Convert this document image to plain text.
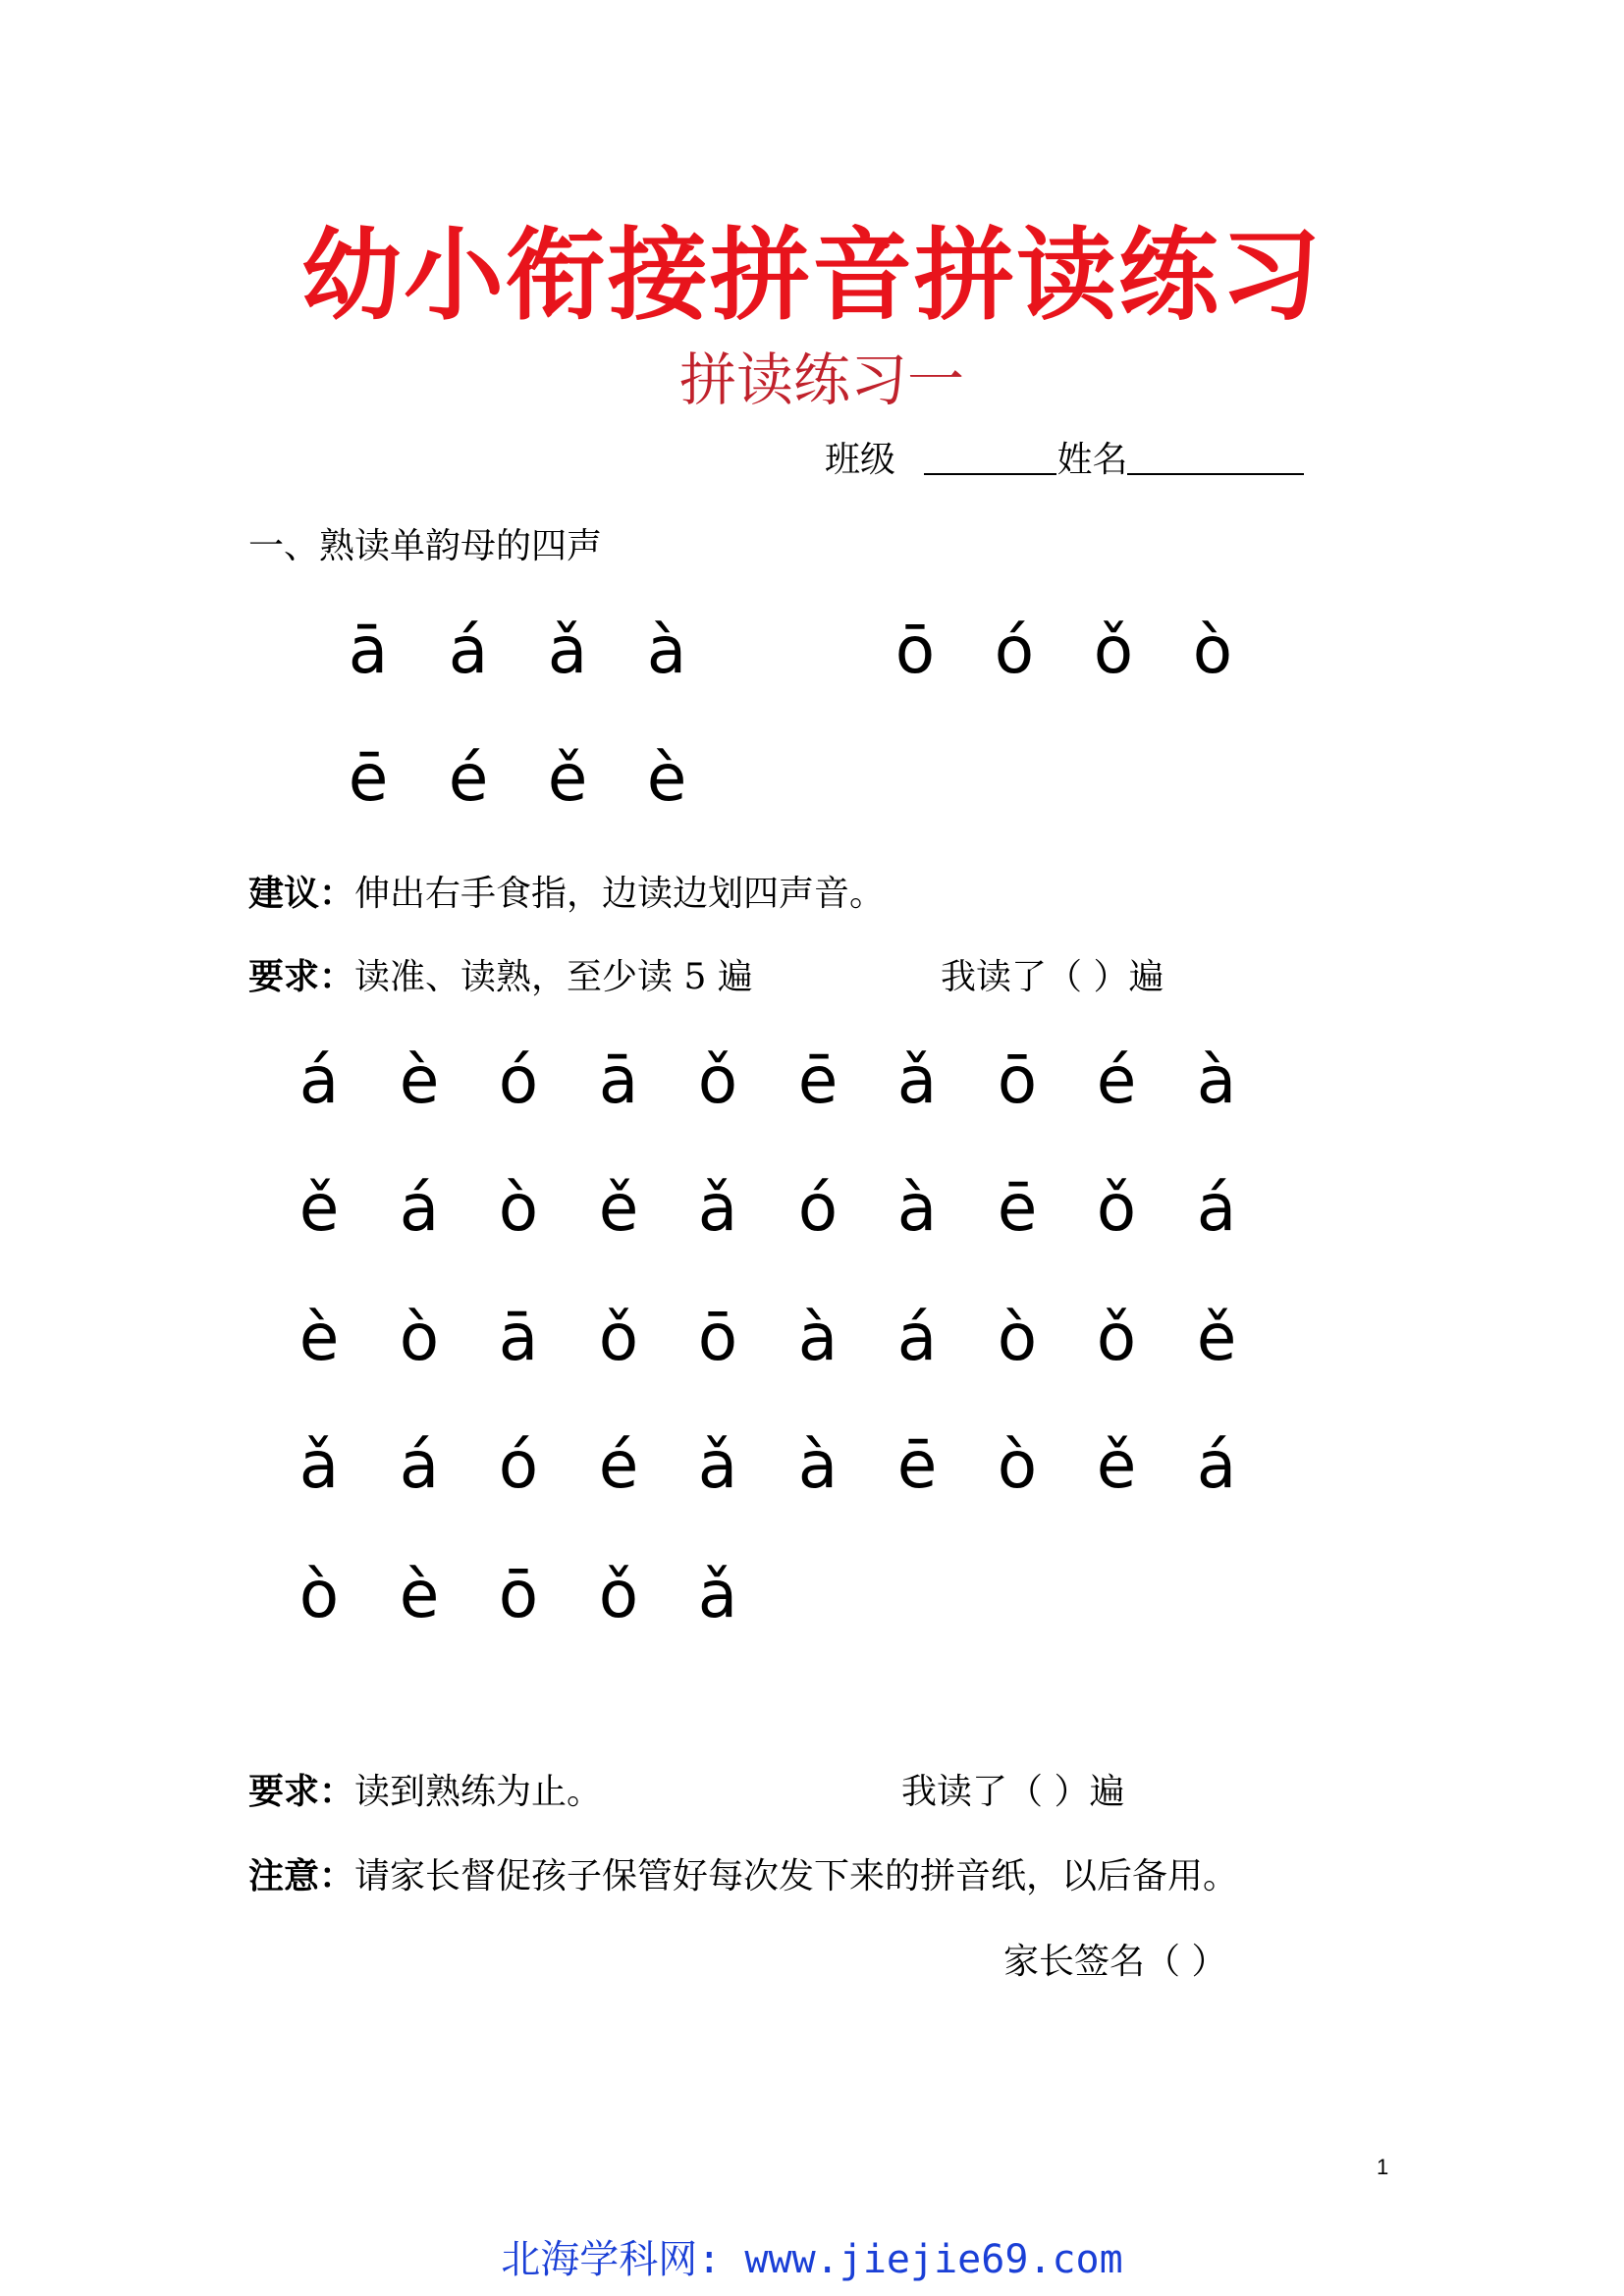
幼小衔接拼音拼读练习
拼读练习一
班级	姓名
一、熟读单韵母的四声
ā á ǎ à	ō ó ǒ ò
ē é ě è
建议：伸出右手食指，边读边划四声音。
要求：读准、读熟，至少读 5 遍	我读了（ ）遍
á è ó ā ǒ ē ǎ ō é à
ě á ò ě ǎ ó à ē ǒ á
è ò ā ǒ ō à á ò ǒ ě
ǎ á ó é ǎ à ē ò ě á
ò è ō ǒ ǎ
要求：读到熟练为止。	我读了（ ）遍
注意：请家长督促孩子保管好每次发下来的拼音纸，以后备用。
家长签名（ ）
1
北海学科网: www.jiejie69.com
